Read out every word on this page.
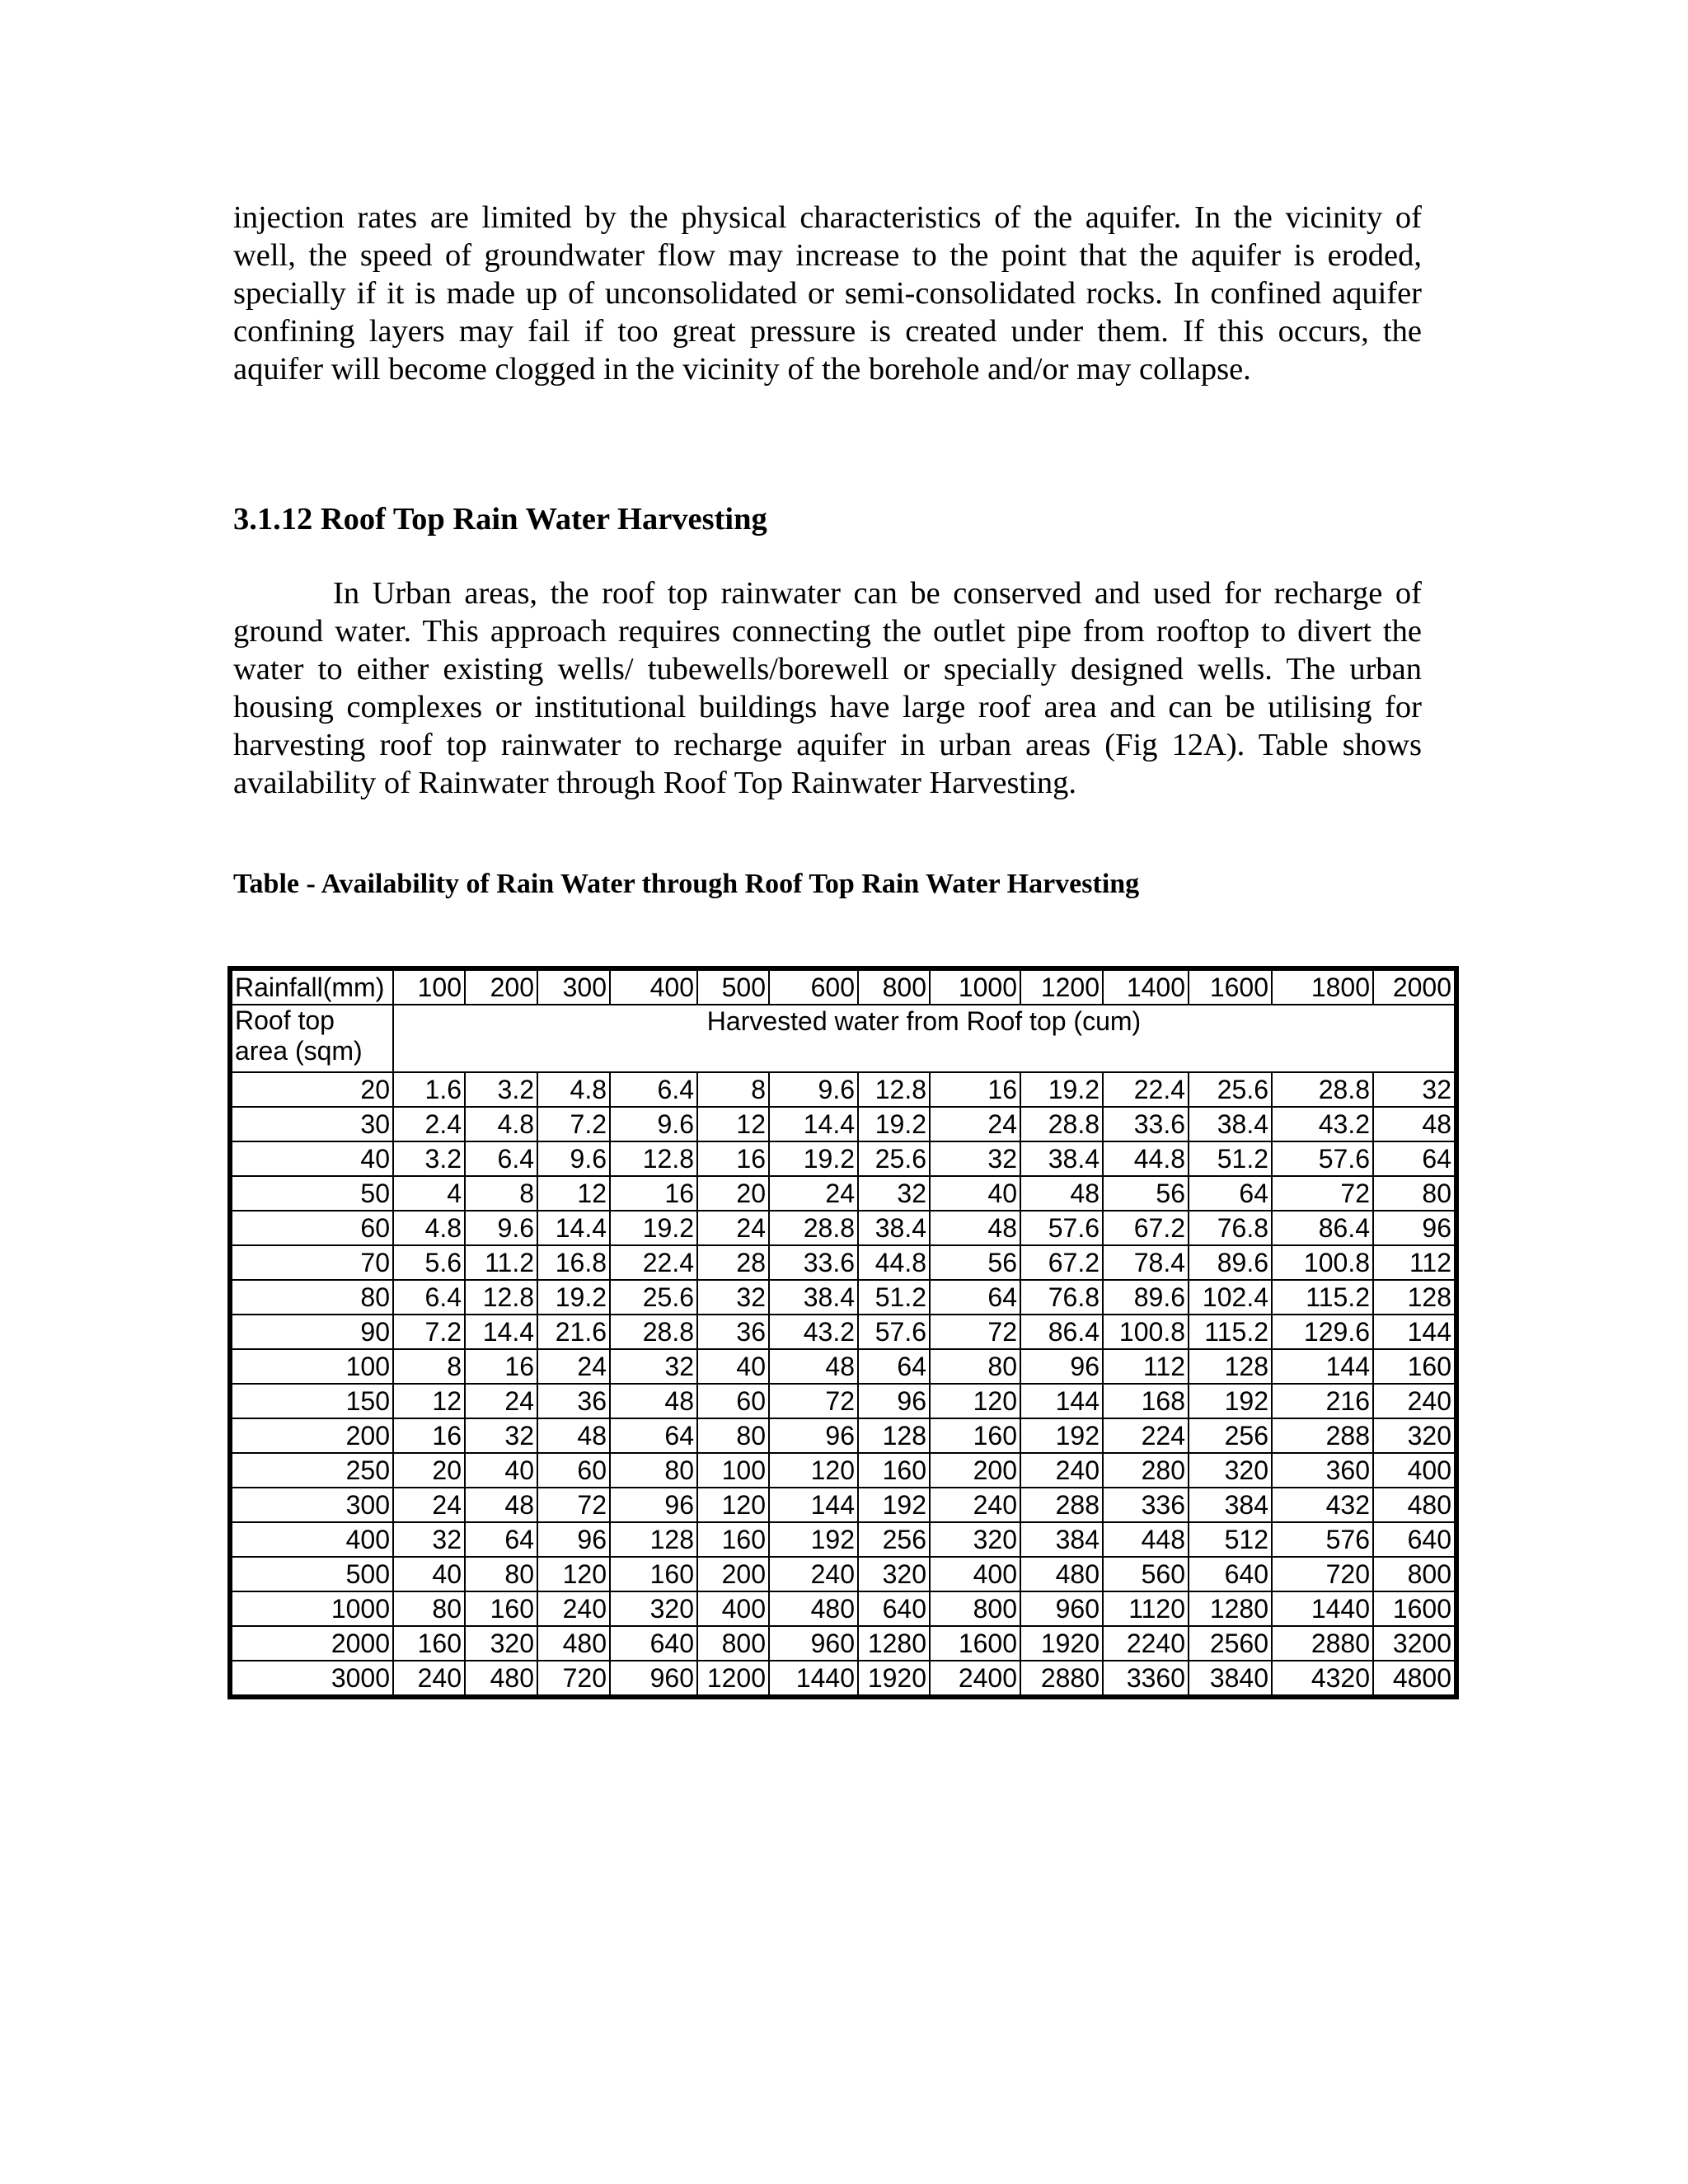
injection rates are limited by the physical characteristics of the aquifer. In the vicinity of well, the speed of groundwater flow may increase to the point that the aquifer is eroded, specially if it is made up of unconsolidated or semi-consolidated rocks. In confined aquifer confining layers may fail if too great pressure is created under them. If this occurs, the aquifer will become clogged in the vicinity of the borehole and/or may collapse.

3.1.12 Roof Top Rain Water Harvesting

In Urban areas, the roof top rainwater can be conserved and used for recharge of ground water. This approach requires connecting the outlet pipe from rooftop to divert the water to either existing wells/ tubewells/borewell or specially designed wells. The urban housing complexes or institutional buildings have large roof area and can be utilising for harvesting roof top rainwater to recharge aquifer in urban areas (Fig 12A). Table shows availability of Rainwater through Roof Top Rainwater Harvesting.

Table - Availability of Rain Water through Roof Top Rain Water Harvesting

Rainfall(mm)	100	200	300	400	500	600	800	1000	1200	1400	1600	1800	2000
Roof top area (sqm)	Harvested water from Roof top (cum)												
20	1.6	3.2	4.8	6.4	8	9.6	12.8	16	19.2	22.4	25.6	28.8	32
30	2.4	4.8	7.2	9.6	12	14.4	19.2	24	28.8	33.6	38.4	43.2	48
40	3.2	6.4	9.6	12.8	16	19.2	25.6	32	38.4	44.8	51.2	57.6	64
50	4	8	12	16	20	24	32	40	48	56	64	72	80
60	4.8	9.6	14.4	19.2	24	28.8	38.4	48	57.6	67.2	76.8	86.4	96
70	5.6	11.2	16.8	22.4	28	33.6	44.8	56	67.2	78.4	89.6	100.8	112
80	6.4	12.8	19.2	25.6	32	38.4	51.2	64	76.8	89.6	102.4	115.2	128
90	7.2	14.4	21.6	28.8	36	43.2	57.6	72	86.4	100.8	115.2	129.6	144
100	8	16	24	32	40	48	64	80	96	112	128	144	160
150	12	24	36	48	60	72	96	120	144	168	192	216	240
200	16	32	48	64	80	96	128	160	192	224	256	288	320
250	20	40	60	80	100	120	160	200	240	280	320	360	400
300	24	48	72	96	120	144	192	240	288	336	384	432	480
400	32	64	96	128	160	192	256	320	384	448	512	576	640
500	40	80	120	160	200	240	320	400	480	560	640	720	800
1000	80	160	240	320	400	480	640	800	960	1120	1280	1440	1600
2000	160	320	480	640	800	960	1280	1600	1920	2240	2560	2880	3200
3000	240	480	720	960	1200	1440	1920	2400	2880	3360	3840	4320	4800
